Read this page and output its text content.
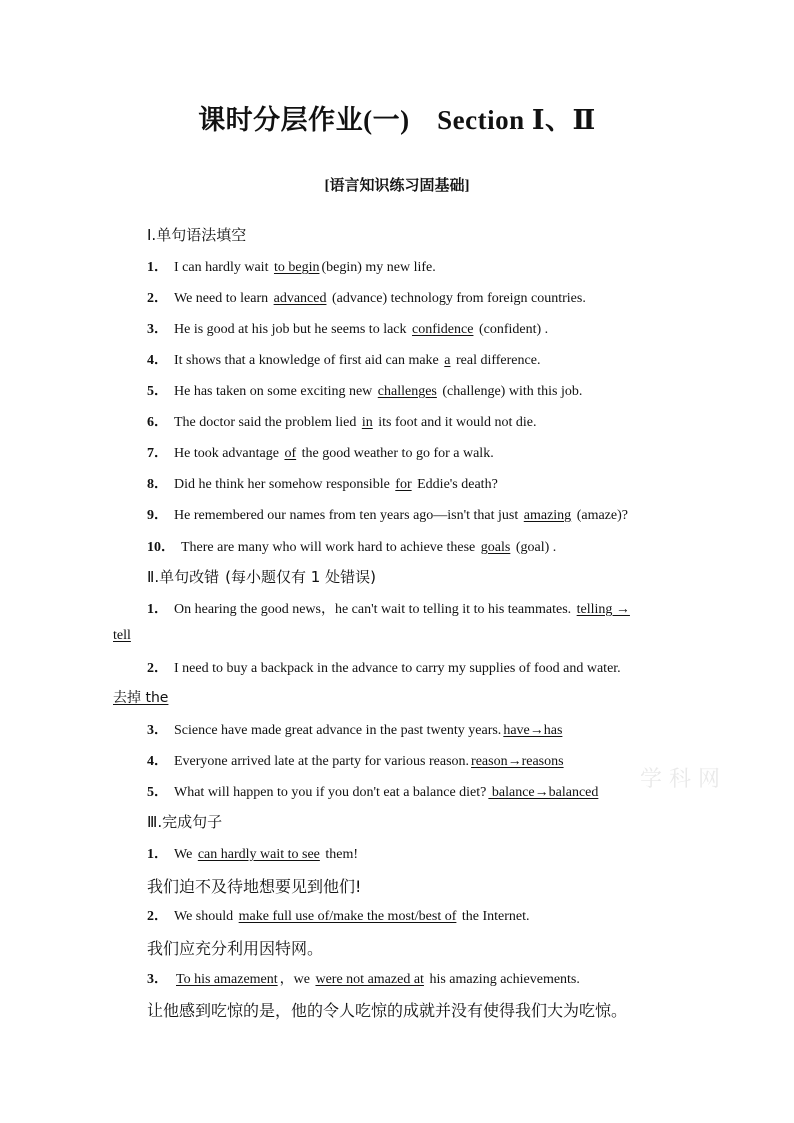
课时分层作业(一)　Section Ⅰ、Ⅱ
[语言知识练习固基础]
Ⅰ.单句语法填空
1． I can hardly wait to begin (begin) my new life.
2． We need to learn advanced (advance) technology from foreign countries.
3． He is good at his job but he seems to lack confidence (confident) .
4． It shows that a knowledge of first aid can make a real difference.
5． He has taken on some exciting new challenges (challenge) with this job.
6． The doctor said the problem lied in its foot and it would not die.
7． He took advantage of the good weather to go for a walk.
8． Did he think her somehow responsible for Eddie's death?
9． He remembered our names from ten years ago—isn't that just amazing (amaze)?
10． There are many who will work hard to achieve these goals (goal) .
Ⅱ.单句改错 (每小题仅有 1 处错误)
1． On hearing the good news，he can't wait to telling it to his teammates. telling →
tell
2． I need to buy a backpack in the advance to carry my supplies of food and water.
去掉 the
3． Science have made great advance in the past twenty years. have→has
4． Everyone arrived late at the party for various reason. reason→reasons
5． What will happen to you if you don't eat a balance diet? balance→balanced
学 科 网
Ⅲ.完成句子
1． We can hardly wait to see them!
我们迫不及待地想要见到他们!
2． We should make full use of/make the most/best of the Internet.
我们应充分利用因特网。
3． To his amazement ，we were not amazed at his amazing achievements.
让他感到吃惊的是，他的令人吃惊的成就并没有使得我们大为吃惊。
